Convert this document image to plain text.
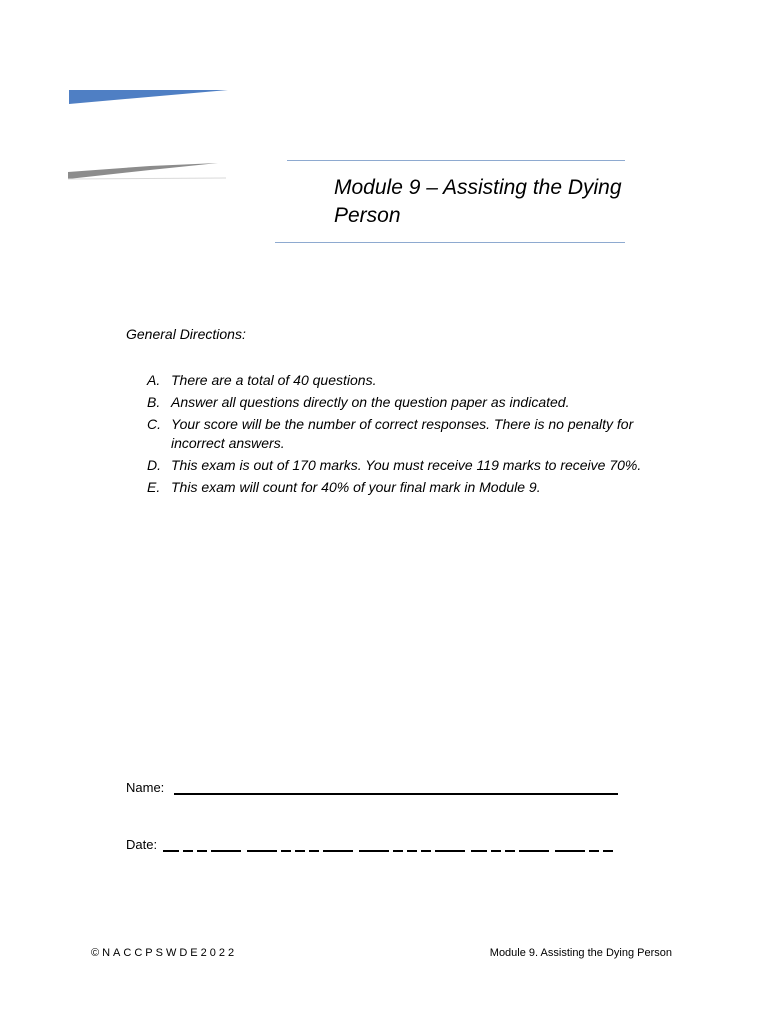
Module 9 – Assisting the Dying Person
General Directions:
A. There are a total of 40 questions.
B. Answer all questions directly on the question paper as indicated.
C. Your score will be the number of correct responses. There is no penalty for incorrect answers.
D. This exam is out of 170 marks. You must receive 119 marks to receive 70%.
E. This exam will count for 40% of your final mark in Module 9.
Name:
Date:
©NACCPSWDE2022	Module 9. Assisting the Dying Person
